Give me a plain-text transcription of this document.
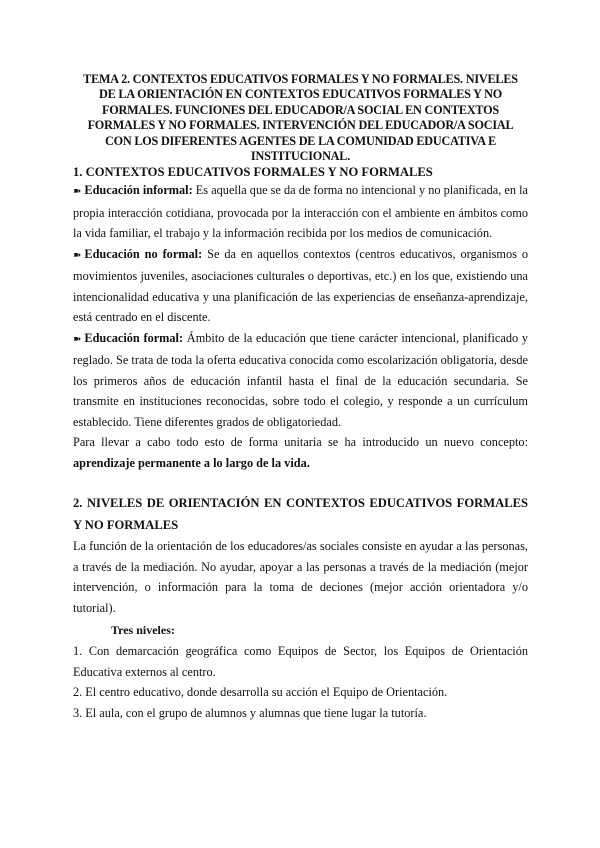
TEMA 2. CONTEXTOS EDUCATIVOS FORMALES Y NO FORMALES. NIVELES DE LA ORIENTACIÓN EN CONTEXTOS EDUCATIVOS FORMALES Y NO FORMALES. FUNCIONES DEL EDUCADOR/A SOCIAL EN CONTEXTOS FORMALES Y NO FORMALES. INTERVENCIÓN DEL EDUCADOR/A SOCIAL CON LOS DIFERENTES AGENTES DE LA COMUNIDAD EDUCATIVA E INSTITUCIONAL.
1. CONTEXTOS EDUCATIVOS FORMALES Y NO FORMALES

➽ Educación informal: Es aquella que se da de forma no intencional y no planificada, en la propia interacción cotidiana, provocada por la interacción con el ambiente en ámbitos como la vida familiar, el trabajo y la información recibida por los medios de comunicación.

➽ Educación no formal: Se da en aquellos contextos (centros educativos, organismos o movimientos juveniles, asociaciones culturales o deportivas, etc.) en los que, existiendo una intencionalidad educativa y una planificación de las experiencias de enseñanza-aprendizaje, está centrado en el discente.

➽ Educación formal: Ámbito de la educación que tiene carácter intencional, planificado y reglado. Se trata de toda la oferta educativa conocida como escolarización obligatoria, desde los primeros años de educación infantil hasta el final de la educación secundaria. Se transmite en instituciones reconocidas, sobre todo el colegio, y responde a un currículum establecido. Tiene diferentes grados de obligatoriedad.

Para llevar a cabo todo esto de forma unitaria se ha introducido un nuevo concepto: aprendizaje permanente a lo largo de la vida.

2. NIVELES DE ORIENTACIÓN EN CONTEXTOS EDUCATIVOS FORMALES Y NO FORMALES

La función de la orientación de los educadores/as sociales consiste en ayudar a las personas, a través de la mediación. No ayudar, apoyar a las personas a través de la mediación (mejor intervención, o información para la toma de deciones (mejor acción orientadora y/o tutorial).

Tres niveles:

1. Con demarcación geográfica como Equipos de Sector, los Equipos de Orientación Educativa externos al centro.

2. El centro educativo, donde desarrolla su acción el Equipo de Orientación.

3. El aula, con el grupo de alumnos y alumnas que tiene lugar la tutoría.
